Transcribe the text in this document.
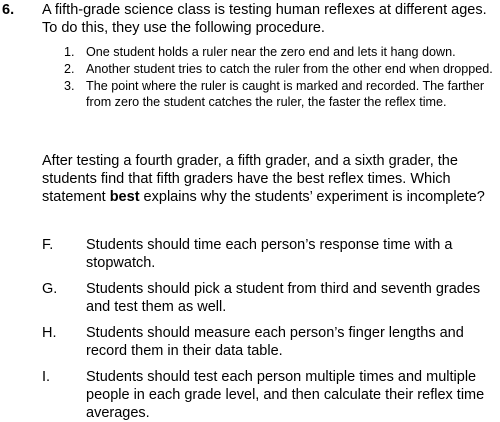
6. A fifth-grade science class is testing human reflexes at different ages. To do this, they use the following procedure.
1. One student holds a ruler near the zero end and lets it hang down.
2. Another student tries to catch the ruler from the other end when dropped.
3. The point where the ruler is caught is marked and recorded. The farther from zero the student catches the ruler, the faster the reflex time.
After testing a fourth grader, a fifth grader, and a sixth grader, the students find that fifth graders have the best reflex times. Which statement best explains why the students’ experiment is incomplete?
F. Students should time each person’s response time with a stopwatch.
G. Students should pick a student from third and seventh grades and test them as well.
H. Students should measure each person’s finger lengths and record them in their data table.
I. Students should test each person multiple times and multiple people in each grade level, and then calculate their reflex time averages.
